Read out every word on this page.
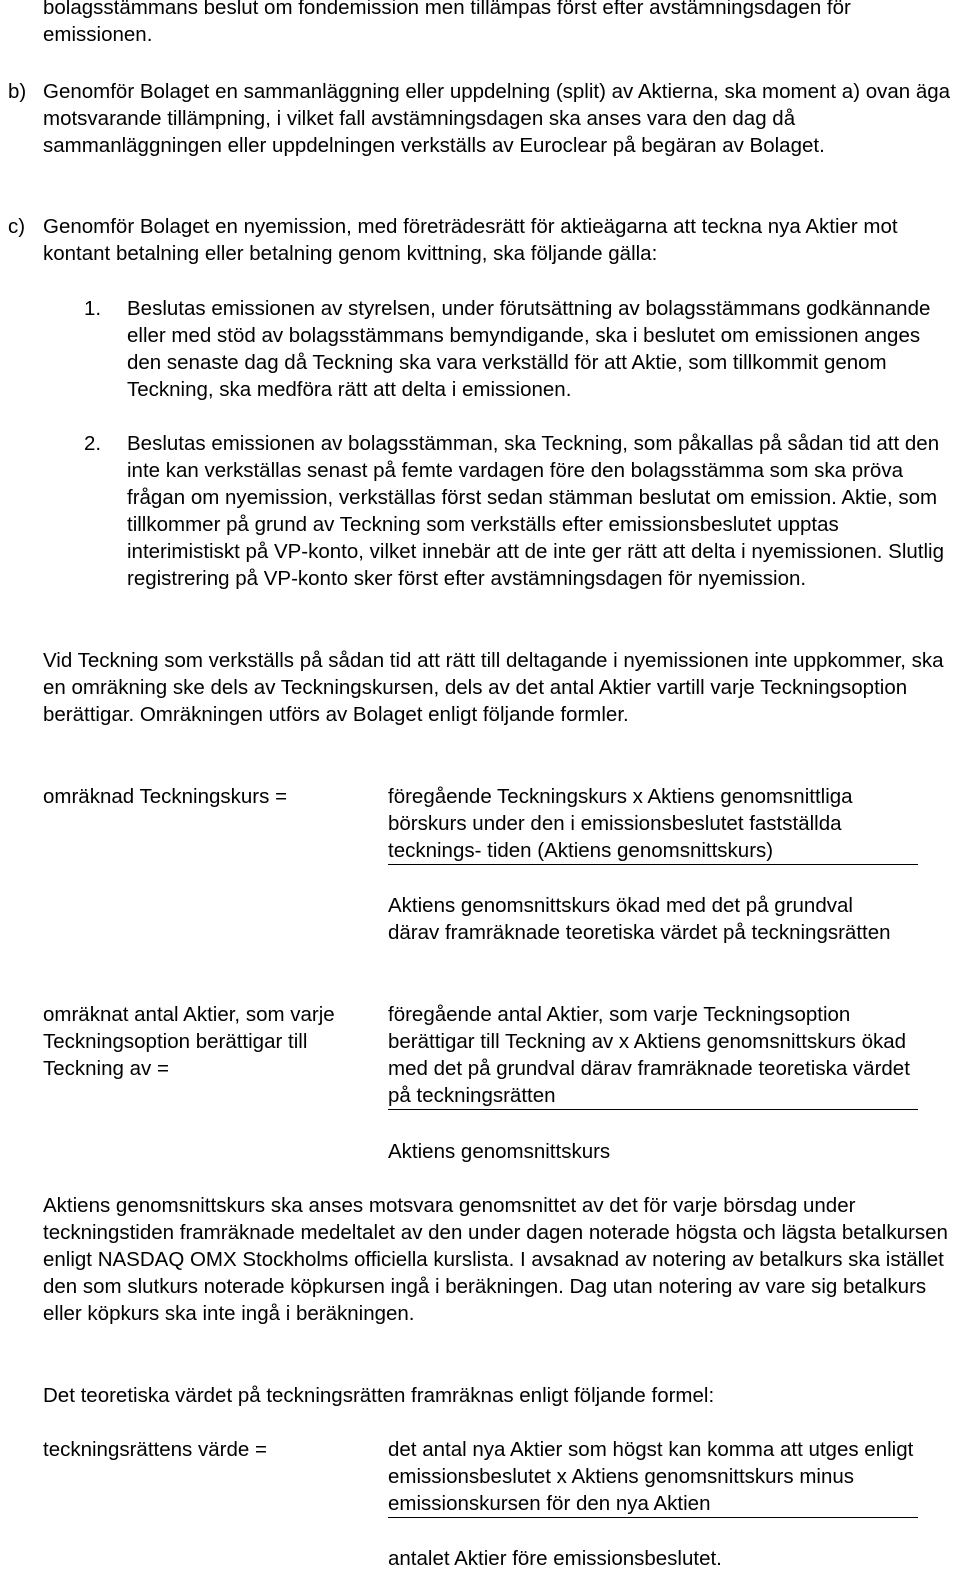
bolagsstämmans beslut om fondemission men tillämpas först efter avstämningsdagen för emissionen.

b) Genomför Bolaget en sammanläggning eller uppdelning (split) av Aktierna, ska moment a) ovan äga motsvarande tillämpning, i vilket fall avstämningsdagen ska anses vara den dag då sammanläggningen eller uppdelningen verkställs av Euroclear på begäran av Bolaget.

c) Genomför Bolaget en nyemission, med företrädesrätt för aktieägarna att teckna nya Aktier mot kontant betalning eller betalning genom kvittning, ska följande gälla:

1. Beslutas emissionen av styrelsen, under förutsättning av bolagsstämmans godkännande eller med stöd av bolagsstämmans bemyndigande, ska i beslutet om emissionen anges den senaste dag då Teckning ska vara verkställd för att Aktie, som tillkommit genom Teckning, ska medföra rätt att delta i emissionen.

2. Beslutas emissionen av bolagsstämman, ska Teckning, som påkallas på sådan tid att den inte kan verkställas senast på femte vardagen före den bolagsstämma som ska pröva frågan om nyemission, verkställas först sedan stämman beslutat om emission. Aktie, som tillkommer på grund av Teckning som verkställs efter emissionsbeslutet upptas interimistiskt på VP-konto, vilket innebär att de inte ger rätt att delta i nyemissionen. Slutlig registrering på VP-konto sker först efter avstämningsdagen för nyemission.

Vid Teckning som verkställs på sådan tid att rätt till deltagande i nyemissionen inte uppkommer, ska en omräkning ske dels av Teckningskursen, dels av det antal Aktier vartill varje Teckningsoption berättigar. Omräkningen utförs av Bolaget enligt följande formler.

omräknad Teckningskurs =	föregående Teckningskurs x Aktiens genomsnittliga börskurs under den i emissionsbeslutet fastställda tecknings- tiden (Aktiens genomsnittskurs)

Aktiens genomsnittskurs ökad med det på grundval därav framräknade teoretiska värdet på teckningsrätten

omräknat antal Aktier, som varje Teckningsoption berättigar till Teckning av =

föregående antal Aktier, som varje Teckningsoption berättigar till Teckning av x Aktiens genomsnittskurs ökad med det på grundval därav framräknade teoretiska värdet på teckningsrätten

Aktiens genomsnittskurs

Aktiens genomsnittskurs ska anses motsvara genomsnittet av det för varje börsdag under teckningstiden framräknade medeltalet av den under dagen noterade högsta och lägsta betalkursen enligt NASDAQ OMX Stockholms officiella kurslista. I avsaknad av notering av betalkurs ska istället den som slutkurs noterade köpkursen ingå i beräkningen. Dag utan notering av vare sig betalkurs eller köpkurs ska inte ingå i beräkningen.

Det teoretiska värdet på teckningsrätten framräknas enligt följande formel:

teckningsrättens värde =	det antal nya Aktier som högst kan komma att utges enligt emissionsbeslutet x Aktiens genomsnittskurs minus emissionskursen för den nya Aktien

antalet Aktier före emissionsbeslutet.
